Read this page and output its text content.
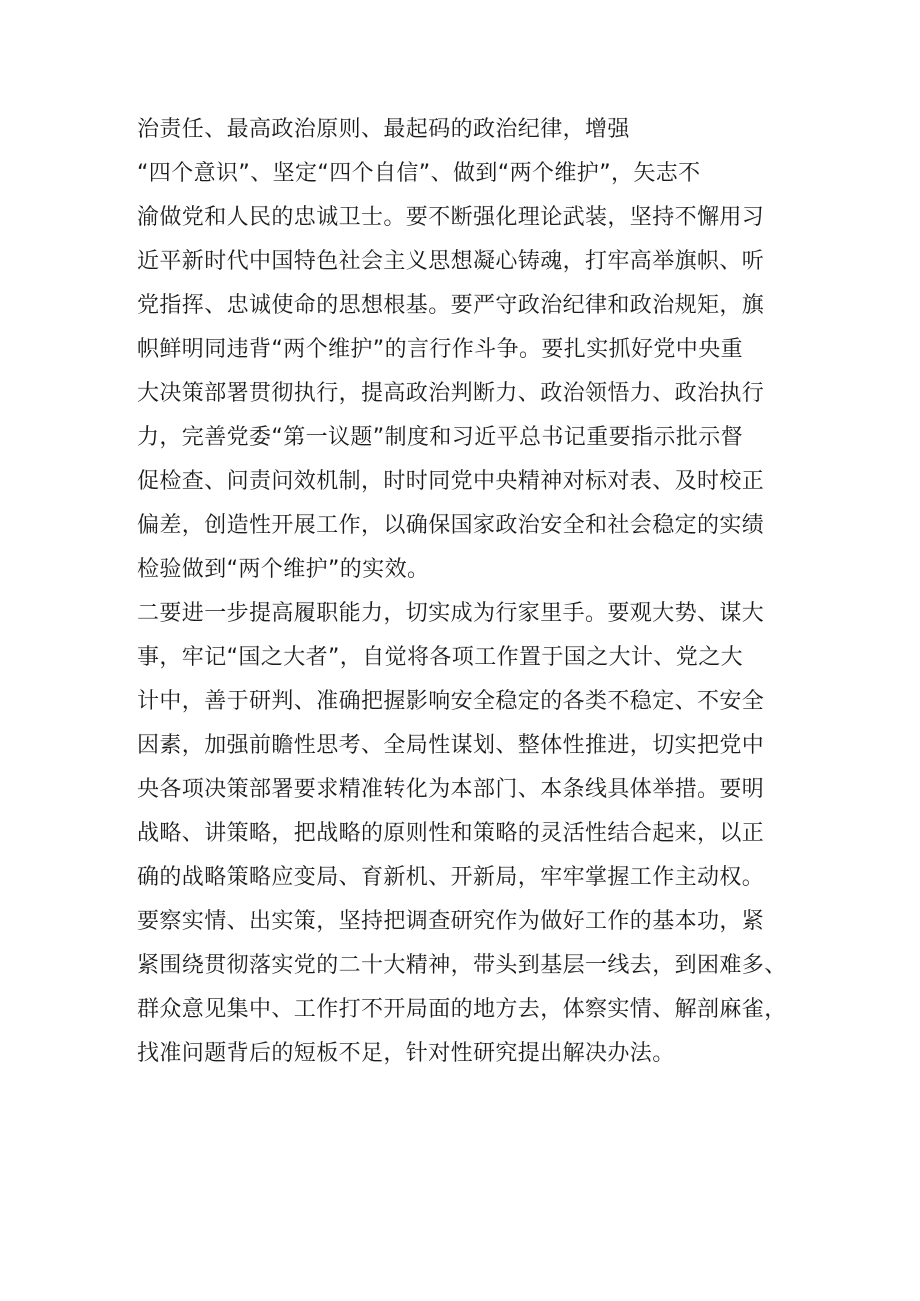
治责任、最高政治原则、最起码的政治纪律，增强
“四个意识”、坚定“四个自信”、做到“两个维护”，矢志不
渝做党和人民的忠诚卫士。要不断强化理论武装，坚持不懈用习
近平新时代中国特色社会主义思想凝心铸魂，打牢高举旗帜、听
党指挥、忠诚使命的思想根基。要严守政治纪律和政治规矩，旗
帜鲜明同违背“两个维护”的言行作斗争。要扎实抓好党中央重
大决策部署贯彻执行，提高政治判断力、政治领悟力、政治执行
力，完善党委“第一议题”制度和习近平总书记重要指示批示督
促检查、问责问效机制，时时同党中央精神对标对表、及时校正
偏差，创造性开展工作，以确保国家政治安全和社会稳定的实绩
检验做到“两个维护”的实效。
二要进一步提高履职能力，切实成为行家里手。要观大势、谋大
事，牢记“国之大者”，自觉将各项工作置于国之大计、党之大
计中，善于研判、准确把握影响安全稳定的各类不稳定、不安全
因素，加强前瞻性思考、全局性谋划、整体性推进，切实把党中
央各项决策部署要求精准转化为本部门、本条线具体举措。要明
战略、讲策略，把战略的原则性和策略的灵活性结合起来，以正
确的战略策略应变局、育新机、开新局，牢牢掌握工作主动权。
要察实情、出实策，坚持把调查研究作为做好工作的基本功，紧
紧围绕贯彻落实党的二十大精神，带头到基层一线去，到困难多、
群众意见集中、工作打不开局面的地方去，体察实情、解剖麻雀，
找准问题背后的短板不足，针对性研究提出解决办法。
